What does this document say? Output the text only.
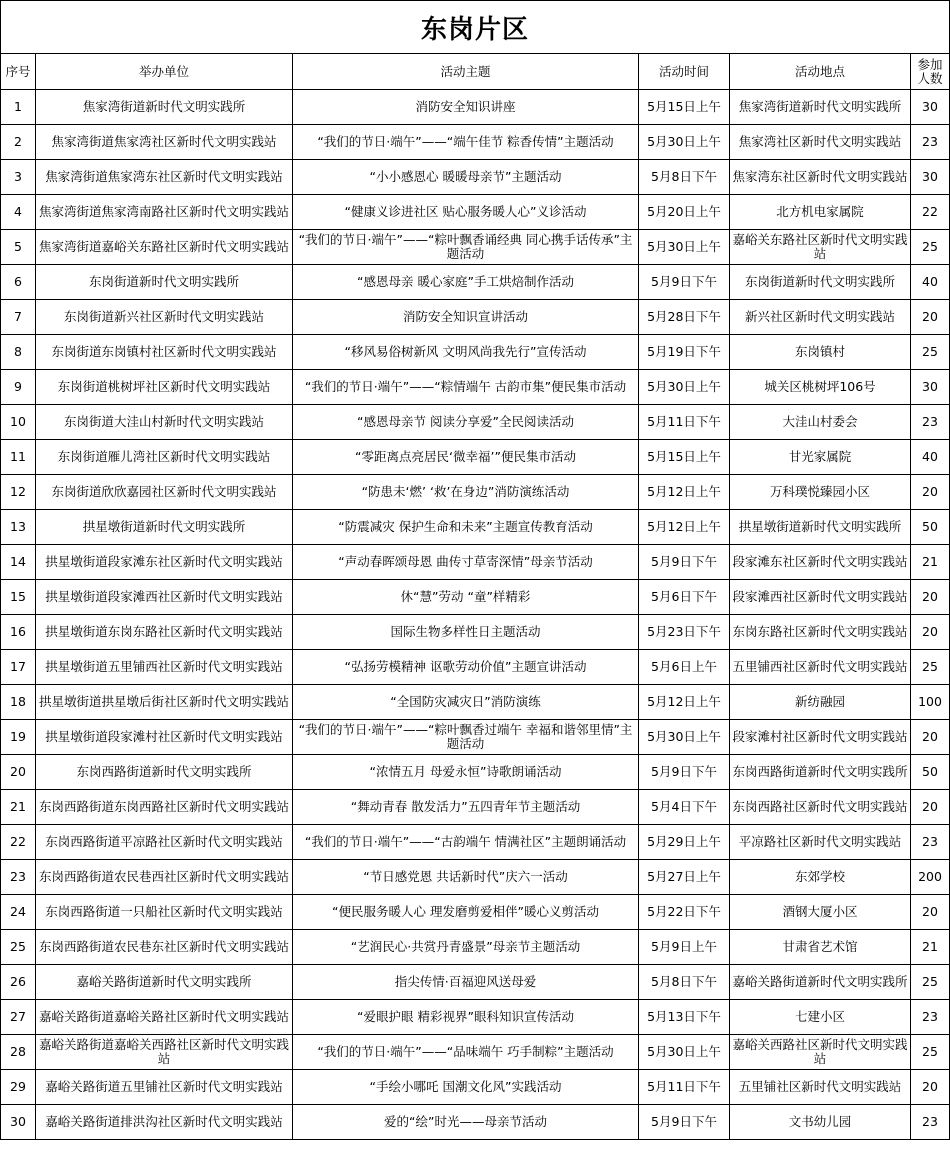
东岗片区
序号	举办单位	活动主题	活动时间	活动地点	参加人数
1	焦家湾街道新时代文明实践所	消防安全知识讲座	5月15日上午	焦家湾街道新时代文明实践所	30
2	焦家湾街道焦家湾社区新时代文明实践站	“我们的节日·端午”——“端午佳节 粽香传情”主题活动	5月30日上午	焦家湾社区新时代文明实践站	23
3	焦家湾街道焦家湾东社区新时代文明实践站	“小小感恩心 暖暖母亲节”主题活动	5月8日下午	焦家湾东社区新时代文明实践站	30
4	焦家湾街道焦家湾南路社区新时代文明实践站	“健康义诊进社区 贴心服务暖人心”义诊活动	5月20日上午	北方机电家属院	22
5	焦家湾街道嘉峪关东路社区新时代文明实践站	“我们的节日·端午”——“粽叶飘香诵经典 同心携手话传承”主题活动	5月30日上午	嘉峪关东路社区新时代文明实践站	25
6	东岗街道新时代文明实践所	“感恩母亲 暖心家庭”手工烘焙制作活动	5月9日下午	东岗街道新时代文明实践所	40
7	东岗街道新兴社区新时代文明实践站	消防安全知识宣讲活动	5月28日下午	新兴社区新时代文明实践站	20
8	东岗街道东岗镇村社区新时代文明实践站	“移风易俗树新风 文明风尚我先行”宣传活动	5月19日下午	东岗镇村	25
9	东岗街道桃树坪社区新时代文明实践站	“我们的节日·端午”——“粽情端午 古韵市集”便民集市活动	5月30日上午	城关区桃树坪106号	30
10	东岗街道大洼山村新时代文明实践站	“感恩母亲节 阅读分享爱”全民阅读活动	5月11日下午	大洼山村委会	23
11	东岗街道雁儿湾社区新时代文明实践站	“零距离点亮居民‘微幸福’”便民集市活动	5月15日上午	甘光家属院	40
12	东岗街道欣欣嘉园社区新时代文明实践站	“防患未‘燃’ ‘救’在身边”消防演练活动	5月12日上午	万科璞悦臻园小区	20
13	拱星墩街道新时代文明实践所	“防震减灾 保护生命和未来”主题宣传教育活动	5月12日上午	拱星墩街道新时代文明实践所	50
14	拱星墩街道段家滩东社区新时代文明实践站	“声动春晖颂母恩 曲传寸草寄深情”母亲节活动	5月9日下午	段家滩东社区新时代文明实践站	21
15	拱星墩街道段家滩西社区新时代文明实践站	休“慧”劳动 “童”样精彩	5月6日下午	段家滩西社区新时代文明实践站	20
16	拱星墩街道东岗东路社区新时代文明实践站	国际生物多样性日主题活动	5月23日下午	东岗东路社区新时代文明实践站	20
17	拱星墩街道五里铺西社区新时代文明实践站	“弘扬劳模精神 讴歌劳动价值”主题宣讲活动	5月6日上午	五里铺西社区新时代文明实践站	25
18	拱星墩街道拱星墩后街社区新时代文明实践站	“全国防灾减灾日”消防演练	5月12日上午	新纺融园	100
19	拱星墩街道段家滩村社区新时代文明实践站	“我们的节日·端午”——“粽叶飘香过端午 幸福和谐邻里情”主题活动	5月30日上午	段家滩村社区新时代文明实践站	20
20	东岗西路街道新时代文明实践所	“浓情五月 母爱永恒”诗歌朗诵活动	5月9日下午	东岗西路街道新时代文明实践所	50
21	东岗西路街道东岗西路社区新时代文明实践站	“舞动青春 散发活力”五四青年节主题活动	5月4日下午	东岗西路社区新时代文明实践站	20
22	东岗西路街道平凉路社区新时代文明实践站	“我们的节日·端午”——“古韵端午 情满社区”主题朗诵活动	5月29日上午	平凉路社区新时代文明实践站	23
23	东岗西路街道农民巷西社区新时代文明实践站	“节日感党恩 共话新时代”庆六一活动	5月27日上午	东郊学校	200
24	东岗西路街道一只船社区新时代文明实践站	“便民服务暖人心 理发磨剪爱相伴”暖心义剪活动	5月22日下午	酒钢大厦小区	20
25	东岗西路街道农民巷东社区新时代文明实践站	“艺润民心·共赏丹青盛景”母亲节主题活动	5月9日上午	甘肃省艺术馆	21
26	嘉峪关路街道新时代文明实践所	指尖传情·百福迎风送母爱	5月8日下午	嘉峪关路街道新时代文明实践所	25
27	嘉峪关路街道嘉峪关路社区新时代文明实践站	“爱眼护眼 精彩视界”眼科知识宣传活动	5月13日下午	七建小区	23
28	嘉峪关路街道嘉峪关西路社区新时代文明实践站	“我们的节日·端午”——“品味端午 巧手制粽”主题活动	5月30日上午	嘉峪关西路社区新时代文明实践站	25
29	嘉峪关路街道五里铺社区新时代文明实践站	“手绘小哪吒 国潮文化风”实践活动	5月11日下午	五里铺社区新时代文明实践站	20
30	嘉峪关路街道排洪沟社区新时代文明实践站	爱的“绘”时光——母亲节活动	5月9日下午	文书幼儿园	23
